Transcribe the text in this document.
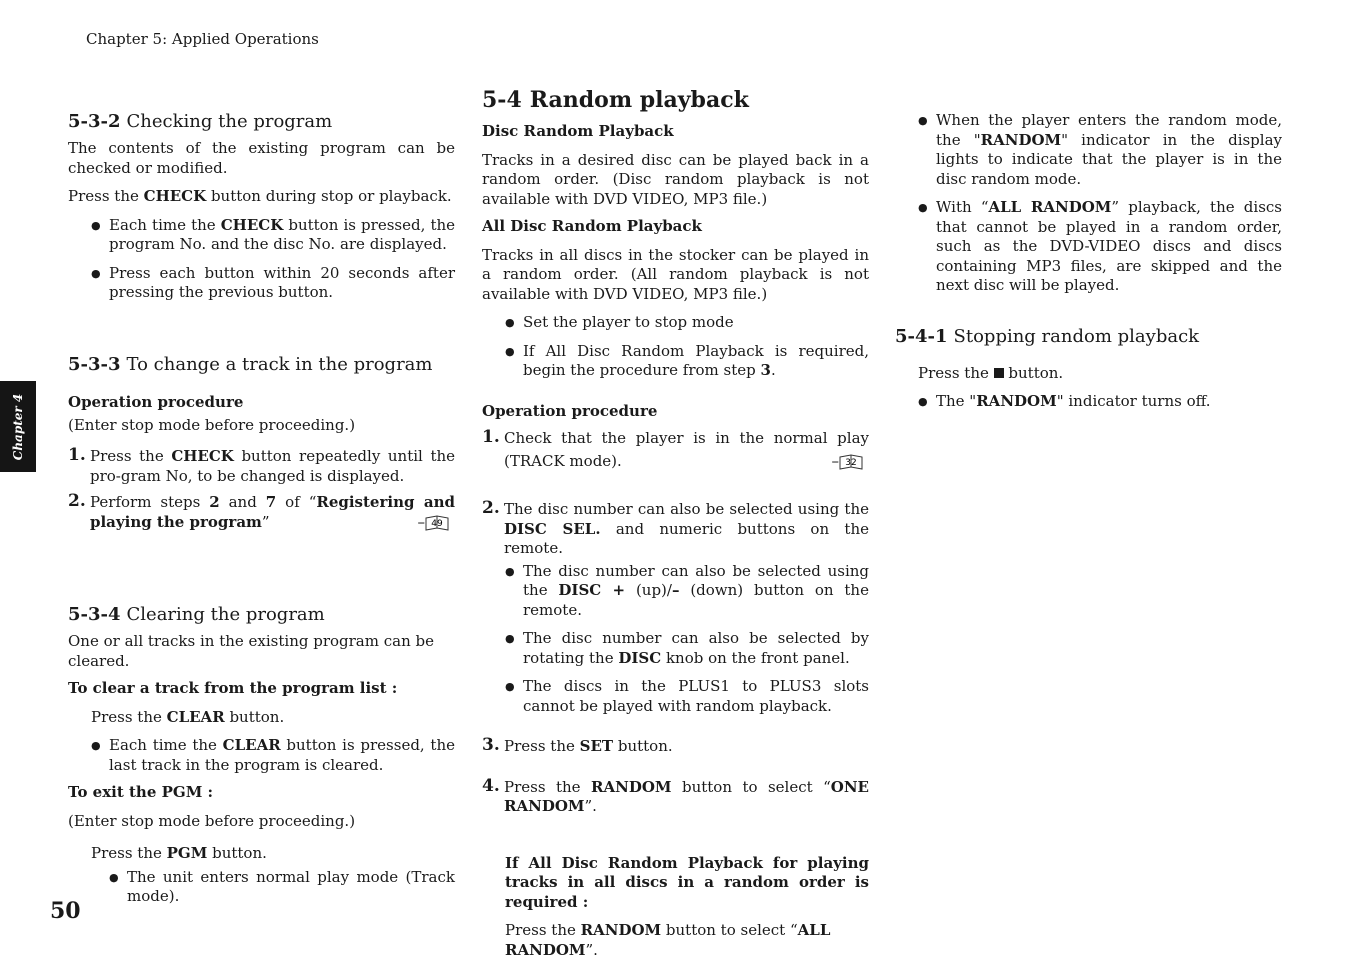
Chapter 5: Applied Operations
Chapter 4
50
5-3-2 Checking the program

The contents of the existing program can be checked or modified.

Press the CHECK button during stop or playback.

● Each time the CHECK button is pressed, the program No. and the disc No. are displayed.

● Press each button within 20 seconds after pressing the previous button.

5-3-3 To change a track in the program

Operation procedure

(Enter stop mode before proceeding.)

1. Press the CHECK button repeatedly until the pro-gram No, to be changed is displayed.

2. Perform steps 2 and 7 of “Registering and playing the program”	– 49

5-3-4 Clearing the program

One or all tracks in the existing program can be cleared.

To clear a track from the program list :

Press the CLEAR button.

● Each time the CLEAR button is pressed, the last track in the program is cleared.

To exit the PGM :

(Enter stop mode before proceeding.)

Press the PGM button.

● The unit enters normal play mode (Track mode).

5-4 Random playback

Disc Random Playback

Tracks in a desired disc can be played back in a random order. (Disc random playback is not available with DVD VIDEO, MP3 file.)

All Disc Random Playback

Tracks in all discs in the stocker can be played in a random order. (All random playback is not available with DVD VIDEO, MP3 file.)

● Set the player to stop mode

● If All Disc Random Playback is required, begin the procedure from step 3.

Operation procedure

1. Check that the player is in the normal play (TRACK mode).	– 32

2. The disc number can also be selected using the DISC SEL. and numeric buttons on the remote.

● The disc number can also be selected using the DISC + (up)/– (down) button on the remote.

● The disc number can also be selected by rotating the DISC knob on the front panel.

● The discs in the PLUS1 to PLUS3 slots cannot be played with random playback.

3. Press the SET button.

4. Press the RANDOM button to select “ONE RANDOM”.

If All Disc Random Playback for playing tracks in all discs in a random order is required :

Press the RANDOM button to select “ALL RANDOM”.

● When the player enters the random mode, the "RANDOM" indicator in the display lights to indicate that the player is in the disc random mode.

● With “ALL RANDOM” playback, the discs that cannot be played in a random order, such as the DVD-VIDEO discs and discs containing MP3 files, are skipped and the next disc will be played.

5-4-1 Stopping random playback

Press the  button.

● The "RANDOM" indicator turns off.
